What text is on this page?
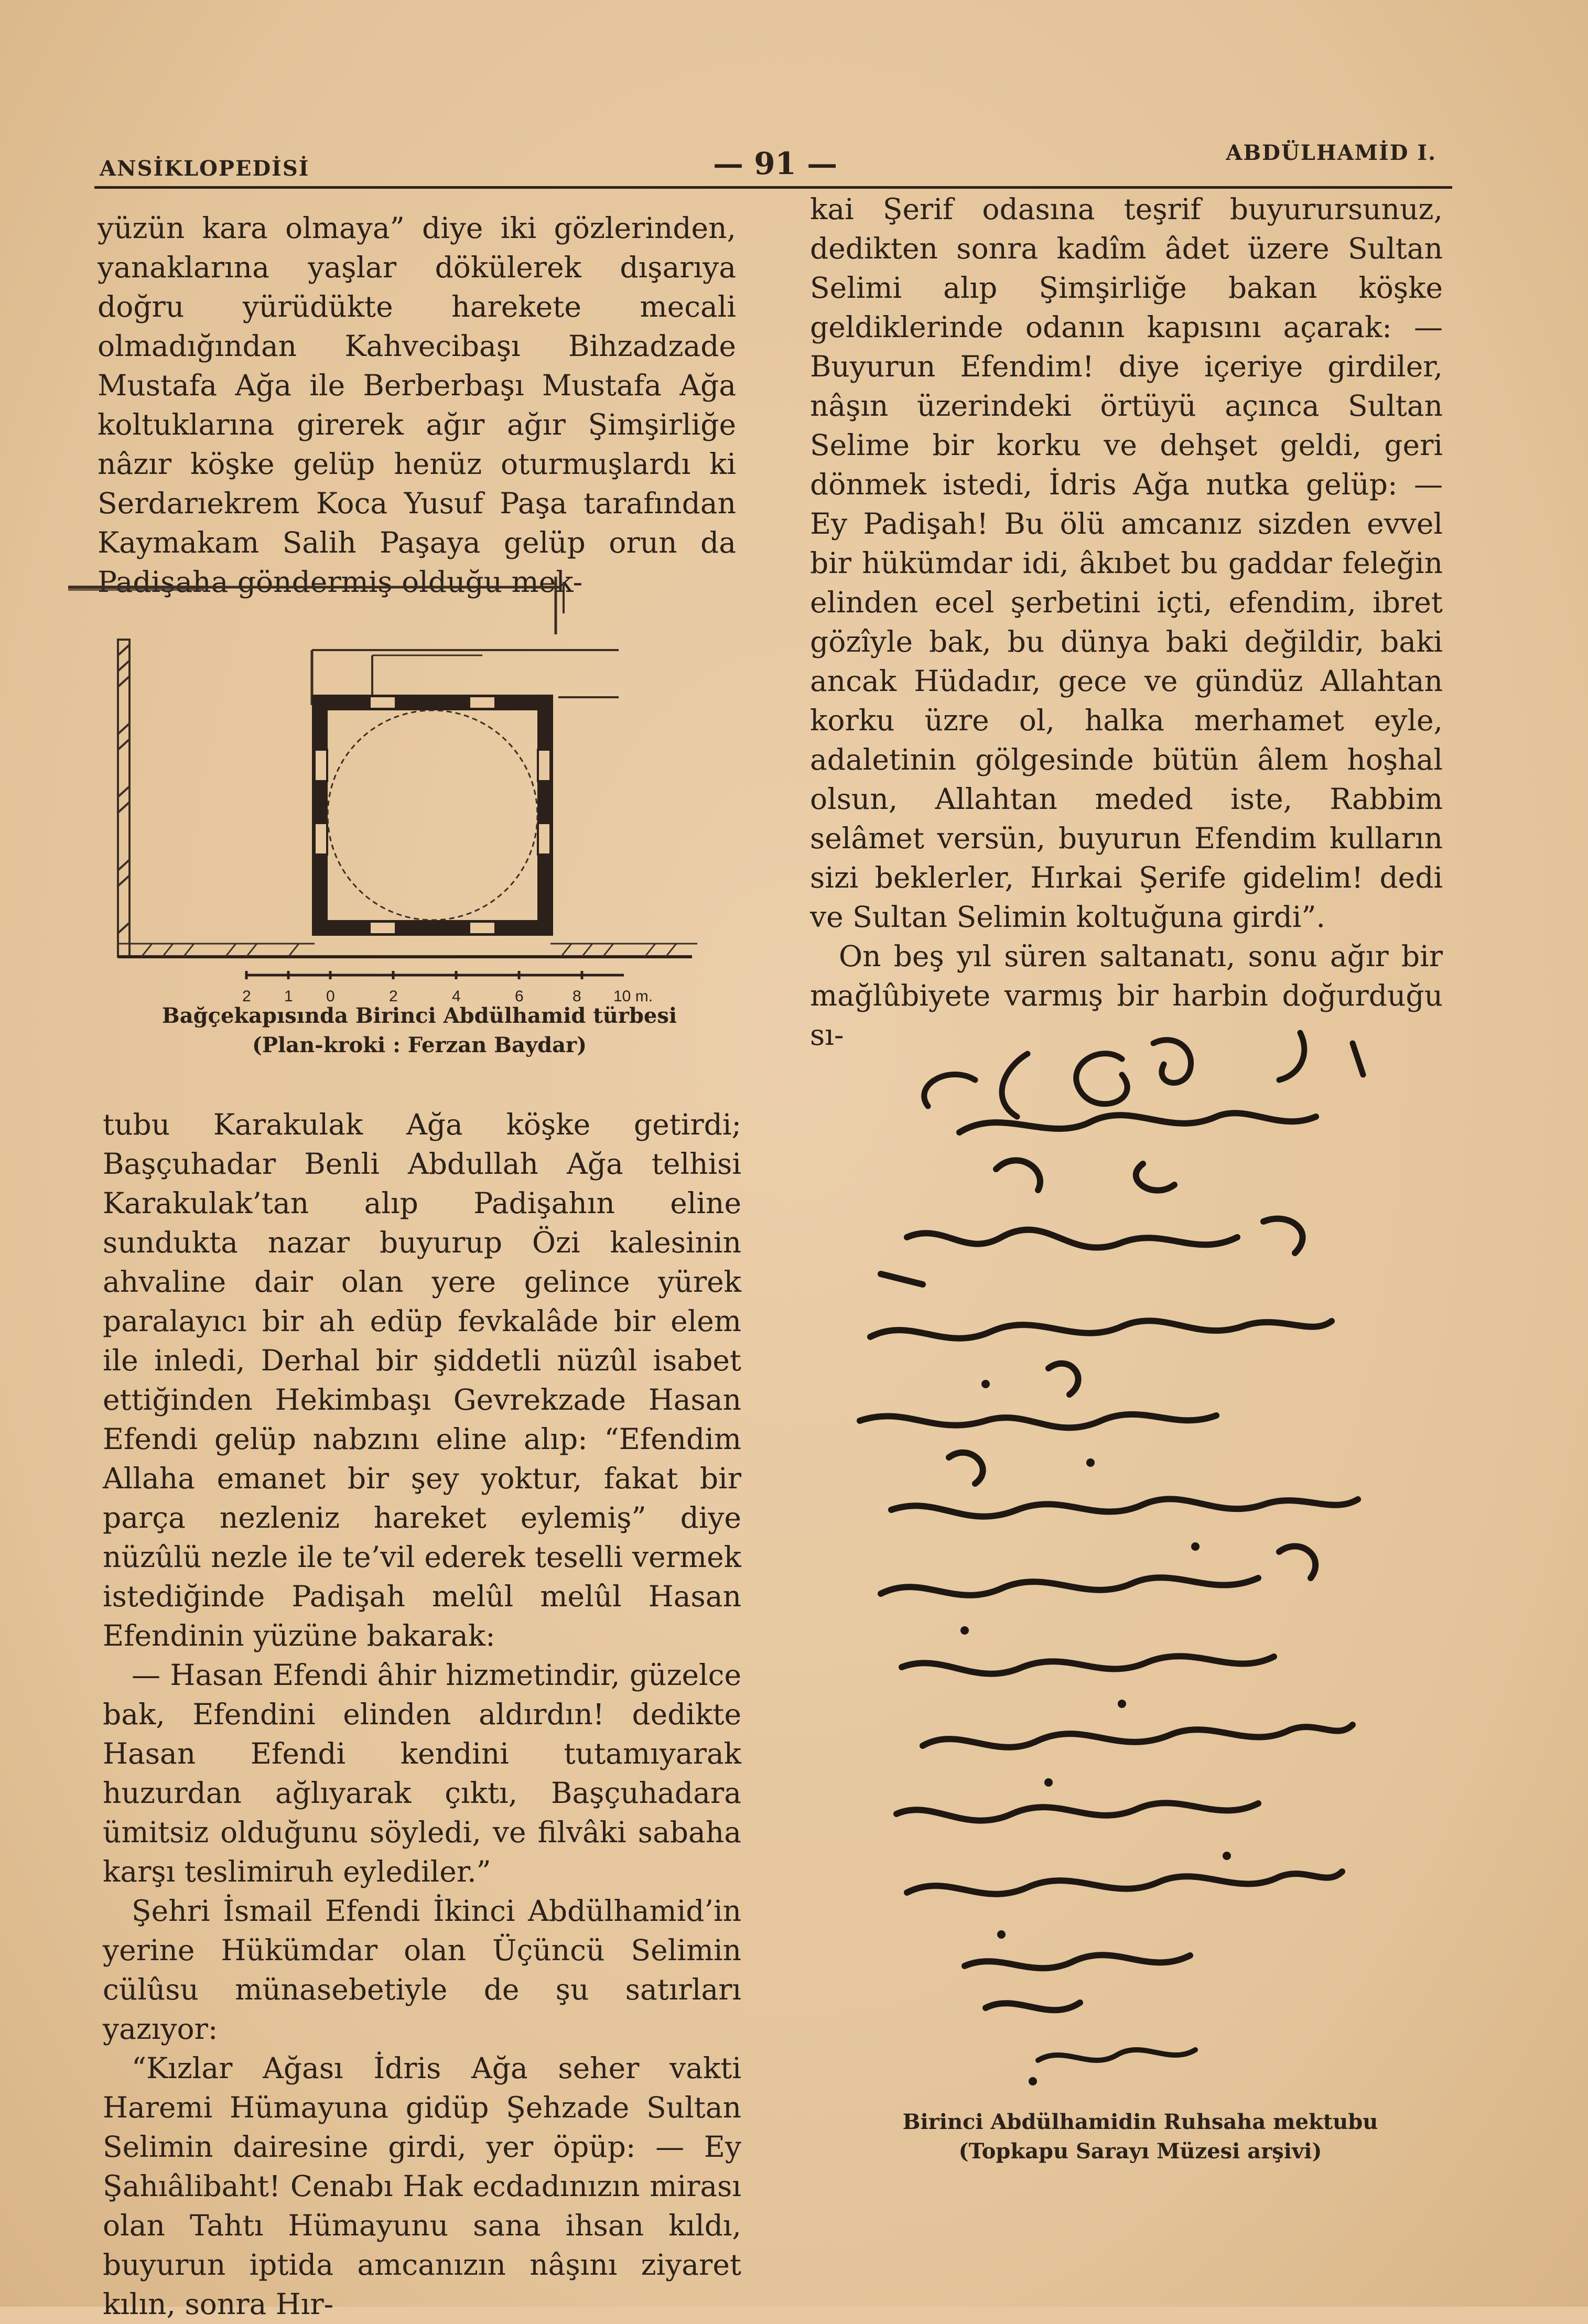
ANSİKLOPEDİSİ	— 91 —	ABDÜLHAMİD I.

yüzün kara olmaya” diye iki gözlerinden, yanaklarına yaşlar dökülerek dışarıya doğru yürüdükte harekete mecali olmadığından Kahvecibaşı Bihzadzade Mustafa Ağa ile Berberbaşı Mustafa Ağa koltuklarına girerek ağır ağır Şimşirliğe nâzır köşke gelüp henüz oturmuşlardı ki Serdarıekrem Koca Yusuf Paşa tarafından Kaymakam Salih Paşaya gelüp orun da Padişaha göndermiş olduğu mek-

2 1 0	2	4	6	8 10 m.
Bağçekapısında Birinci Abdülhamid türbesi
(Plan-kroki : Ferzan Baydar)

tubu Karakulak Ağa köşke getirdi; Başçuhadar Benli Abdullah Ağa telhisi Karakulak’tan alıp Padişahın eline sundukta nazar buyurup Özi kalesinin ahvaline dair olan yere gelince yürek paralayıcı bir ah edüp fevkalâde bir elem ile inledi, Derhal bir şiddetli nüzûl isabet ettiğinden Hekimbaşı Gevrekzade Hasan Efendi gelüp nabzını eline alıp: “Efendim Allaha emanet bir şey yoktur, fakat bir parça nezleniz hareket eylemiş” diye nüzûlü nezle ile te’vil ederek teselli vermek istediğinde Padişah melûl melûl Hasan Efendinin yüzüne bakarak:

— Hasan Efendi âhir hizmetindir, güzelce bak, Efendini elinden aldırdın! dedikte Hasan Efendi kendini tutamıyarak huzurdan ağlıyarak çıktı, Başçuhadara ümitsiz olduğunu söyledi, ve filvâki sabaha karşı teslimiruh eylediler.”

Şehri İsmail Efendi İkinci Abdülhamid’in yerine Hükümdar olan Üçüncü Selimin cülûsu münasebetiyle de şu satırları yazıyor:

“Kızlar Ağası İdris Ağa seher vakti Haremi Hümayuna gidüp Şehzade Sultan Selimin dairesine girdi, yer öpüp: — Ey Şahıâlibaht! Cenabı Hak ecdadınızın mirası olan Tahtı Hümayunu sana ihsan kıldı, buyurun iptida amcanızın nâşını ziyaret kılın, sonra Hır-

kai Şerif odasına teşrif buyurursunuz, dedikten sonra kadîm âdet üzere Sultan Selimi alıp Şimşirliğe bakan köşke geldiklerinde odanın kapısını açarak: — Buyurun Efendim! diye içeriye girdiler, nâşın üzerindeki örtüyü açınca Sultan Selime bir korku ve dehşet geldi, geri dönmek istedi, İdris Ağa nutka gelüp: — Ey Padişah! Bu ölü amcanız sizden evvel bir hükümdar idi, âkıbet bu gaddar feleğin elinden ecel şerbetini içti, efendim, ibret gözîyle bak, bu dünya baki değildir, baki ancak Hüdadır, gece ve gündüz Allahtan korku üzre ol, halka merhamet eyle, adaletinin gölgesinde bütün âlem hoşhal olsun, Allahtan meded iste, Rabbim selâmet versün, buyurun Efendim kulların sizi beklerler, Hırkai Şerife gidelim! dedi ve Sultan Selimin koltuğuna girdi”.

On beş yıl süren saltanatı, sonu ağır bir mağlûbiyete varmış bir harbin doğurduğu sı-

Birinci Abdülhamidin Ruhsaha mektubu
(Topkapu Sarayı Müzesi arşivi)
